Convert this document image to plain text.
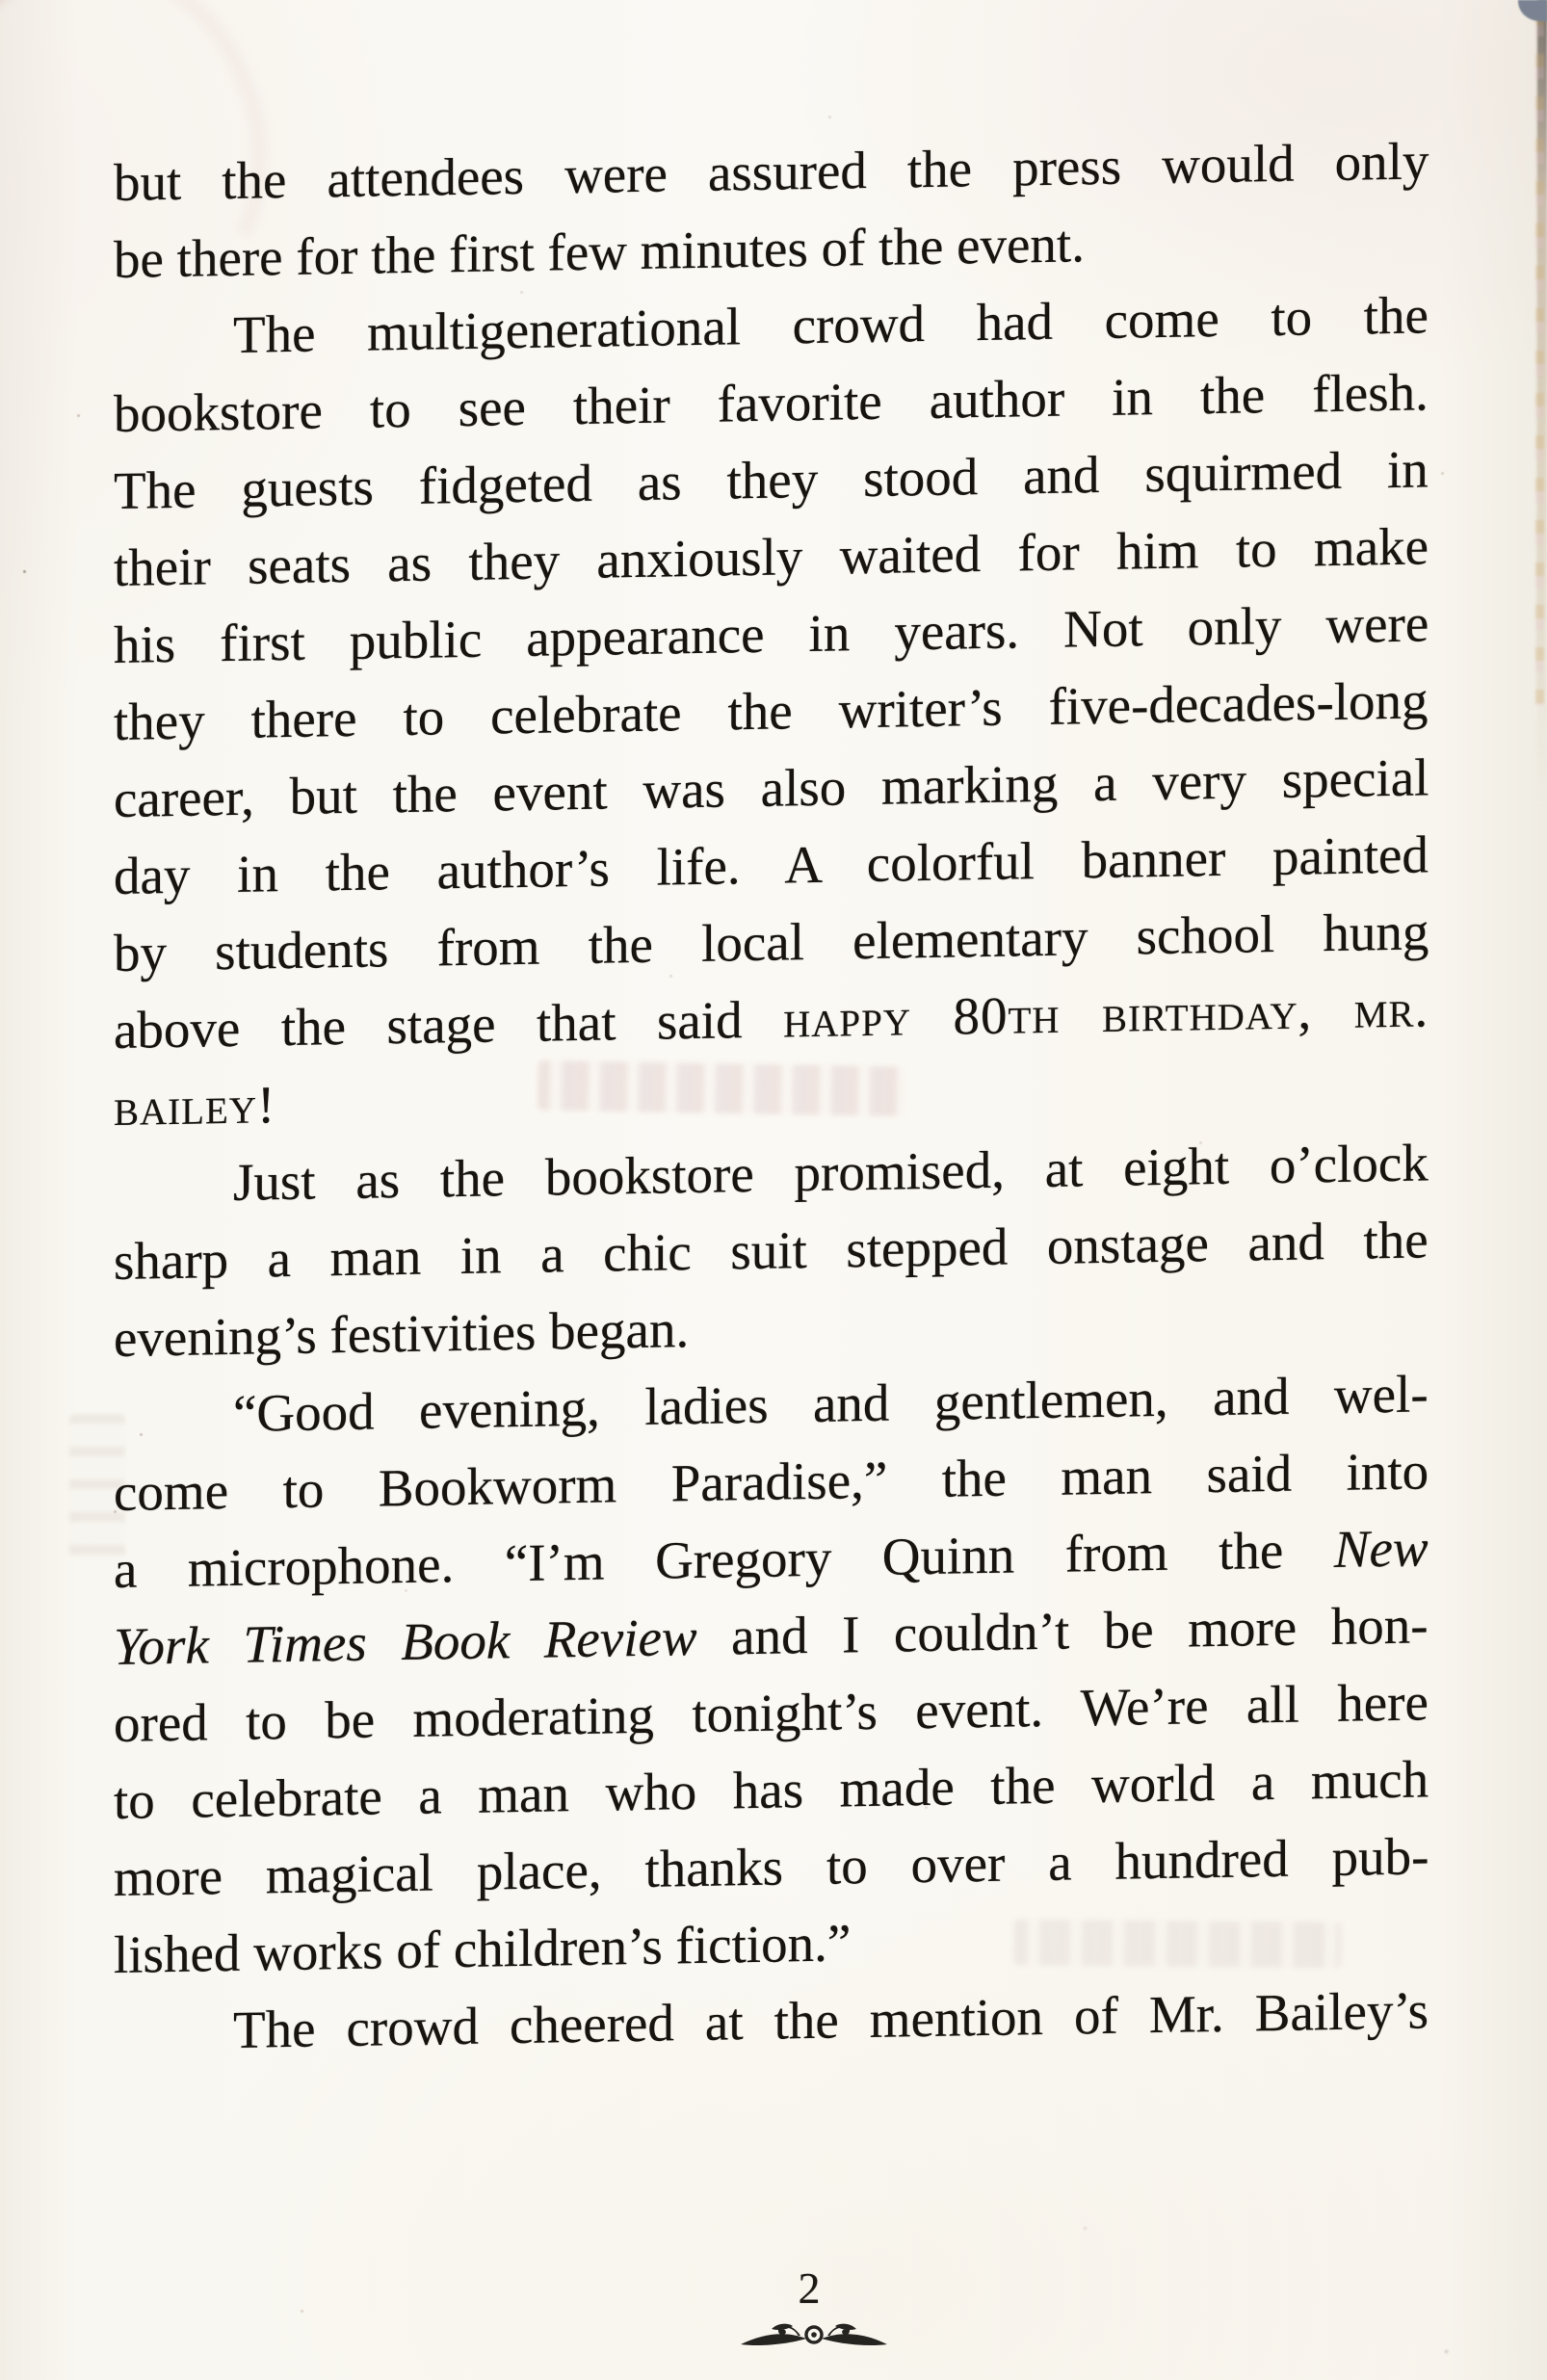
but the attendees were assured the press would only
be there for the first few minutes of the event.
The multigenerational crowd had come to the
bookstore to see their favorite author in the flesh.
The guests fidgeted as they stood and squirmed in
their seats as they anxiously waited for him to make
his first public appearance in years. Not only were
they there to celebrate the writer’s five-decades-long
career, but the event was also marking a very special
day in the author’s life. A colorful banner painted
by students from the local elementary school hung
above the stage that said happy 80th birthday, mr.
bailey!
Just as the bookstore promised, at eight o’clock
sharp a man in a chic suit stepped onstage and the
evening’s festivities began.
“Good evening, ladies and gentlemen, and wel-
come to Bookworm Paradise,” the man said into
a microphone. “I’m Gregory Quinn from the New
York Times Book Review and I couldn’t be more hon-
ored to be moderating tonight’s event. We’re all here
to celebrate a man who has made the world a much
more magical place, thanks to over a hundred pub-
lished works of children’s fiction.”
The crowd cheered at the mention of Mr. Bailey’s
2
